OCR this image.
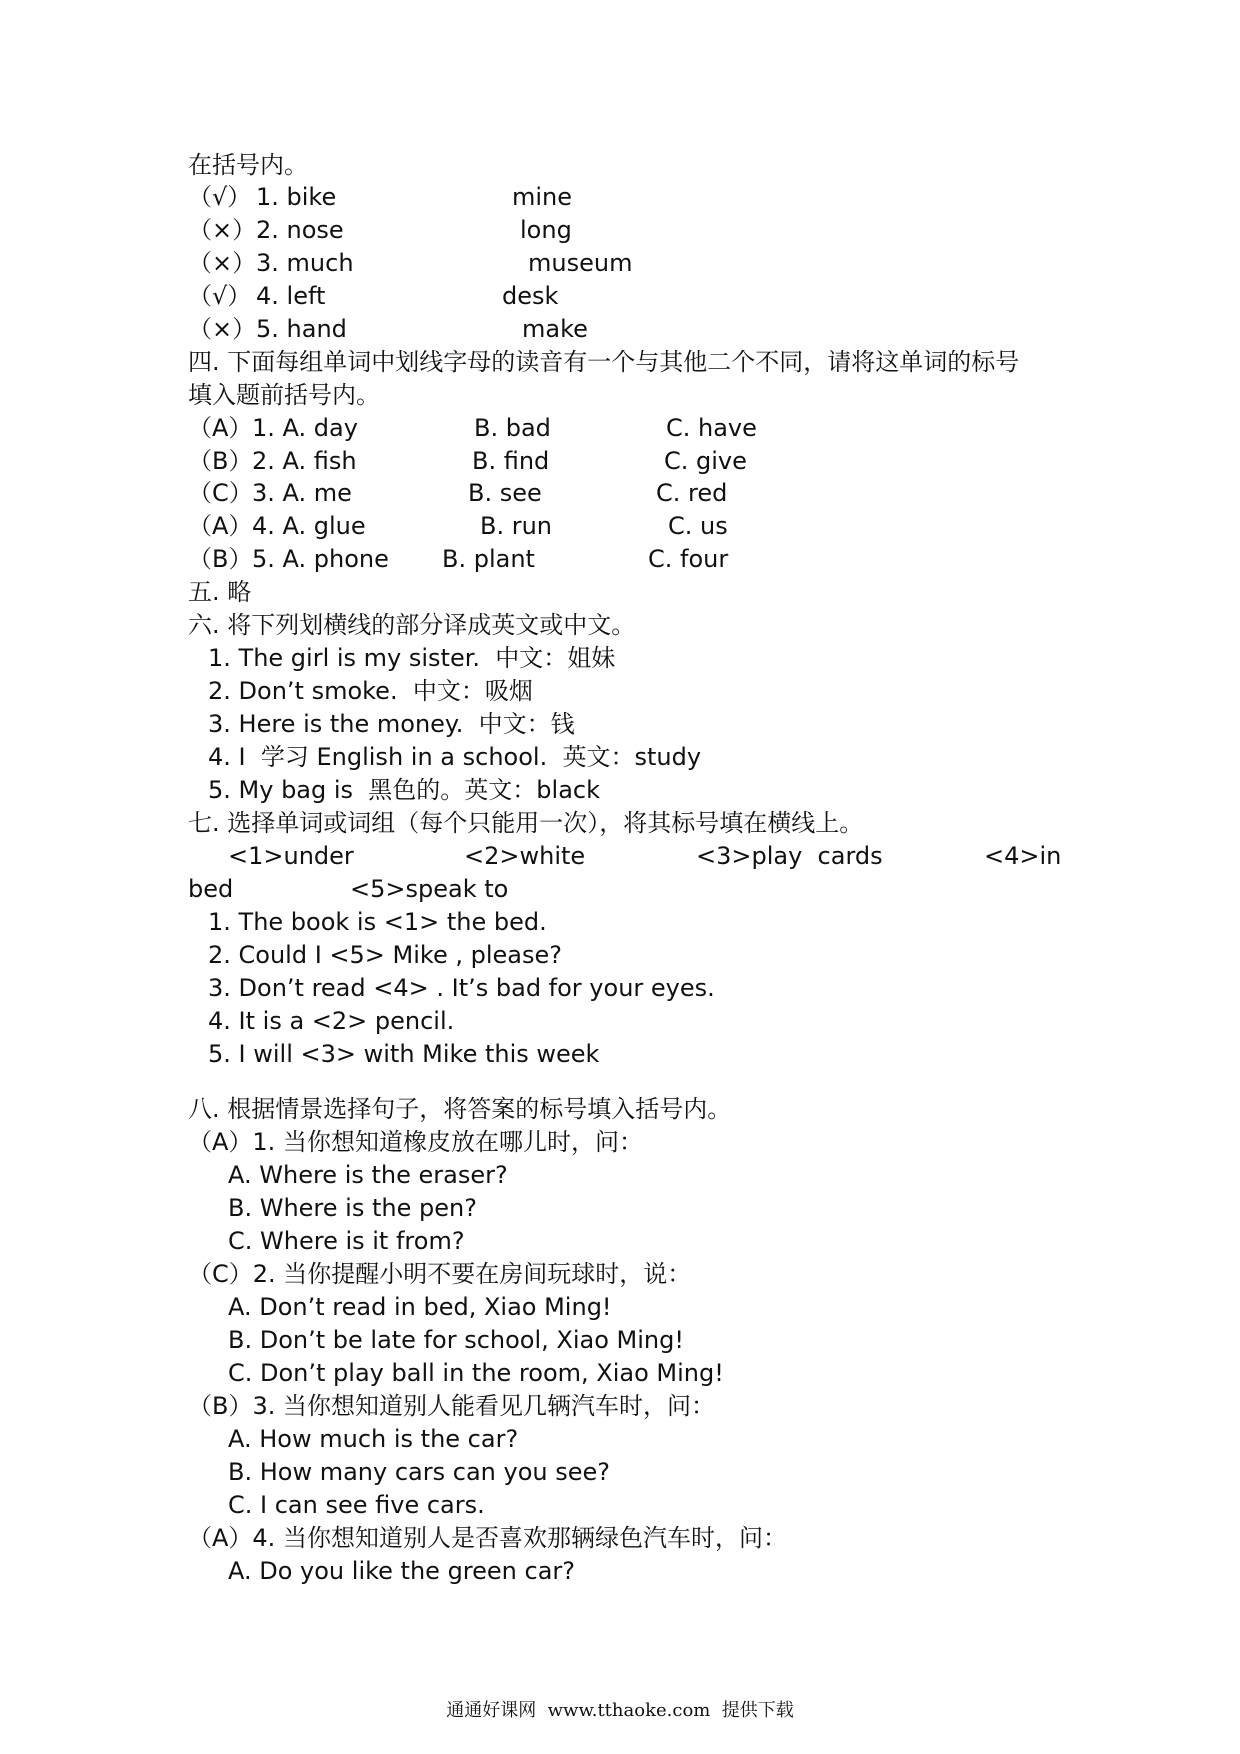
在括号内。
（√） 1. bike	mine
（×） 2. nose	long
（×） 3. much	museum
（√） 4. left	desk
（×） 5. hand	make
四. 下面每组单词中划线字母的读音有一个与其他二个不同，请将这单词的标号
填入题前括号内。
（A） 1. A. day	B. bad	C. have
（B） 2. A. fish	B. find	C. give
（C） 3. A. me	B. see	C. red
（A） 4. A. glue	B. run	C. us
（B） 5. A. phone B. plant	C. four
五. 略
六. 将下列划横线的部分译成英文或中文。
1. The girl is my sister.  中文：姐妹
2. Don’t smoke.  中文：吸烟
3. Here is the money.  中文：钱
4. I  学习 English in a school.  英文：study
5. My bag is  黑色的。英文：black
七. 选择单词或词组（每个只能用一次），将其标号填在横线上。
<1>under	<2>white	<3>play  cards	<4>in
bed	<5>speak to
1. The book is <1> the bed.
2. Could I <5> Mike , please?
3. Don’t read <4> . It’s bad for your eyes.
4. It is a <2> pencil.
5. I will <3> with Mike this week
八. 根据情景选择句子，将答案的标号填入括号内。
（A）1. 当你想知道橡皮放在哪儿时，问：
A. Where is the eraser?
B. Where is the pen?
C. Where is it from?
（C）2. 当你提醒小明不要在房间玩球时，说：
A. Don’t read in bed, Xiao Ming!
B. Don’t be late for school, Xiao Ming!
C. Don’t play ball in the room, Xiao Ming!
（B）3. 当你想知道别人能看见几辆汽车时，问：
A. How much is the car?
B. How many cars can you see?
C. I can see five cars.
（A）4. 当你想知道别人是否喜欢那辆绿色汽车时，问：
A. Do you like the green car?
通通好课网  www.tthaoke.com  提供下载
